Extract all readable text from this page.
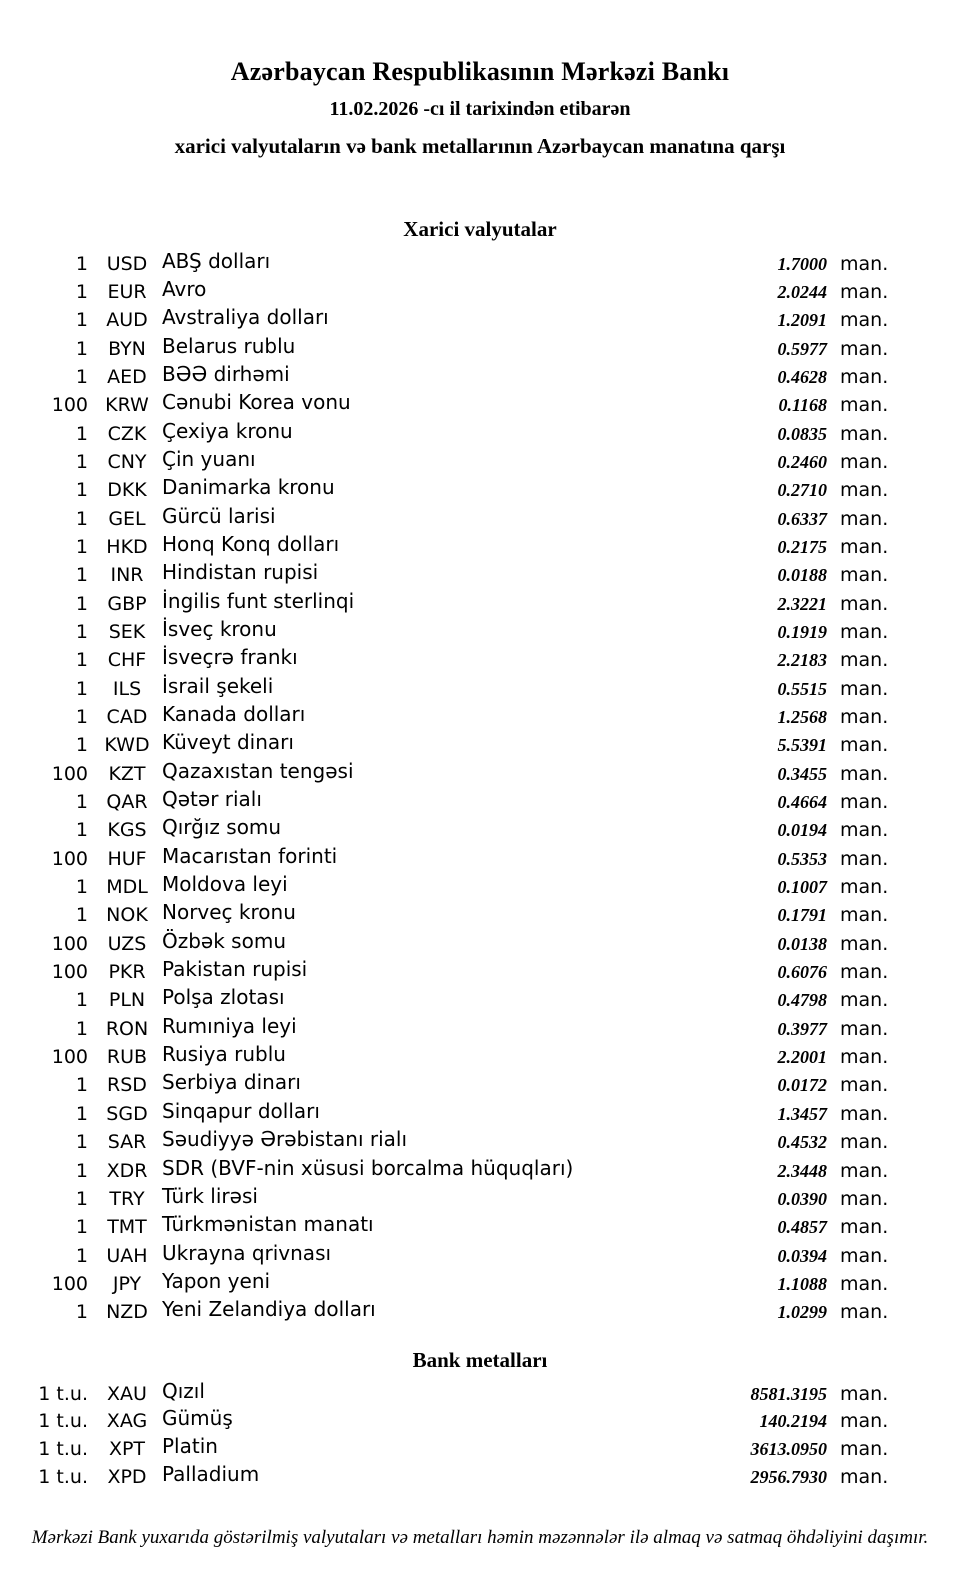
Azərbaycan Respublikasının Mərkəzi Bankı
11.02.2026 -cı il tarixindən etibarən
xarici valyutaların və bank metallarının Azərbaycan manatına qarşı
Xarici valyutalar
1 USD ABŞ dolları	1.7000 man.
1	EUR Avro	2.0244 man.
1 AUD Avstraliya dolları	1.2091 man.
1	BYN Belarus rublu	0.5977 man.
1	AED BƏƏ dirhəmi	0.4628 man.
100 KRW Cənubi Korea vonu	0.1168 man.
1	CZK Çexiya kronu	0.0835 man.
1	CNY Çin yuanı	0.2460 man.
1	DKK Danimarka kronu	0.2710 man.
1	GEL Gürcü larisi	0.6337 man.
1 HKD Honq Konq dolları	0.2175 man.
1	INR Hindistan rupisi	0.0188 man.
1	GBP İngilis funt sterlinqi	2.3221 man.
1	SEK İsveç kronu	0.1919 man.
1	CHF İsveçrə frankı	2.2183 man.
1	ILS	İsrail şekeli	0.5515 man.
1 CAD Kanada dolları	1.2568 man.
1 KWD Küveyt dinarı	5.5391 man.
100	KZT Qazaxıstan tengəsi	0.3455 man.
1 QAR Qətər rialı	0.4664 man.
1	KGS Qırğız somu	0.0194 man.
100	HUF Macarıstan forinti	0.5353 man.
1 MDL Moldova leyi	0.1007 man.
1 NOK Norveç kronu	0.1791 man.
100	UZS Özbək somu	0.0138 man.
100	PKR Pakistan rupisi	0.6076 man.
1	PLN Polşa zlotası	0.4798 man.
1 RON Rumıniya leyi	0.3977 man.
100 RUB Rusiya rublu	2.2001 man.
1	RSD Serbiya dinarı	0.0172 man.
1 SGD Sinqapur dolları	1.3457 man.
1	SAR Səudiyyə Ərəbistanı rialı	0.4532 man.
1 XDR SDR (BVF-nin xüsusi borcalma hüquqları)	2.3448 man.
1	TRY Türk lirəsi	0.0390 man.
1	TMT Türkmənistan manatı	0.4857 man.
1 UAH Ukrayna qrivnası	0.0394 man.
100	JPY	Yapon yeni	1.1088 man.
1 NZD Yeni Zelandiya dolları	1.0299 man.
Bank metalları
1 t.u.	XAU Qızıl	8581.3195 man.
1 t.u. XAG Gümüş	140.2194 man.
1 t.u.	XPT Platin	3613.0950 man.
1 t.u.	XPD Palladium	2956.7930 man.
Mərkəzi Bank yuxarıda göstərilmiş valyutaları və metalları həmin məzənnələr ilə almaq və satmaq öhdəliyini daşımır.
